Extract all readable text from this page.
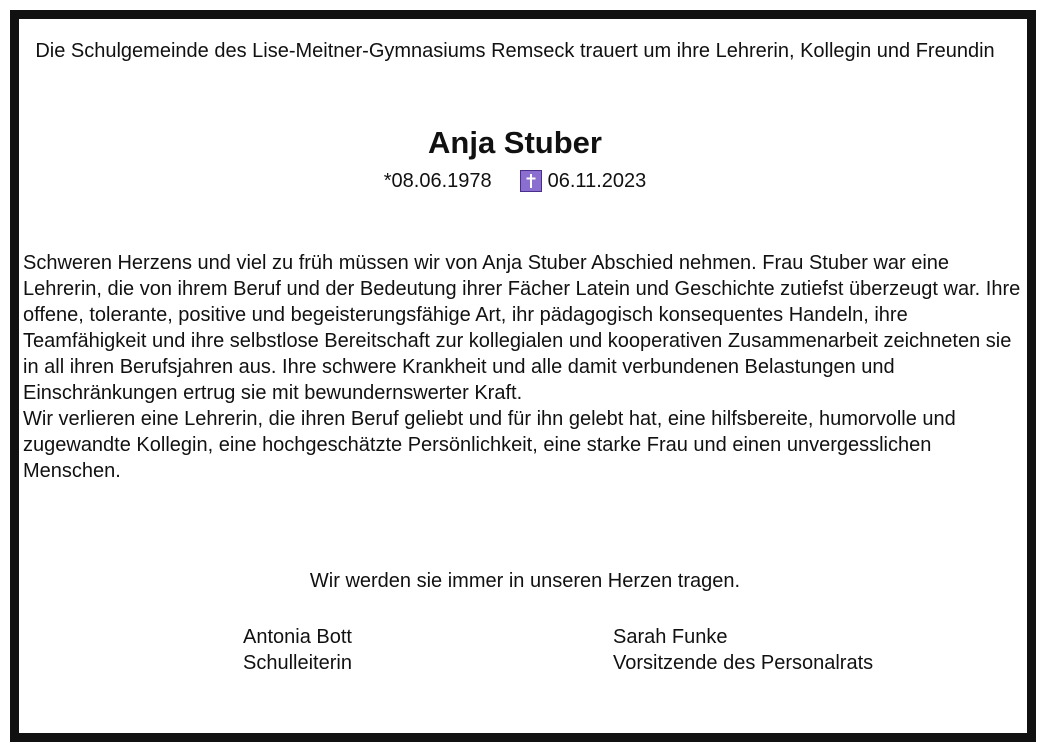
Die Schulgemeinde des Lise-Meitner-Gymnasiums Remseck trauert um ihre Lehrerin, Kollegin und Freundin
Anja Stuber
*08.06.1978	06.11.2023

Schweren Herzens und viel zu früh müssen wir von Anja Stuber Abschied nehmen. Frau Stuber war eine Lehrerin, die von ihrem Beruf und der Bedeutung ihrer Fächer Latein und Geschichte zutiefst überzeugt war. Ihre offene, tolerante, positive und begeisterungsfähige Art, ihr pädagogisch konsequentes Handeln, ihre Teamfähigkeit und ihre selbstlose Bereitschaft zur kollegialen und kooperativen Zusammenarbeit zeichneten sie in all ihren Berufsjahren aus. Ihre schwere Krankheit und alle damit verbundenen Belastungen und Einschränkungen ertrug sie mit bewundernswerter Kraft.

Wir verlieren eine Lehrerin, die ihren Beruf geliebt und für ihn gelebt hat, eine hilfsbereite, humorvolle und zugewandte Kollegin, eine hochgeschätzte Persönlichkeit, eine starke Frau und einen unvergesslichen Menschen.

Wir werden sie immer in unseren Herzen tragen.
Antonia Bott
Schulleiterin
Sarah Funke
Vorsitzende des Personalrats
